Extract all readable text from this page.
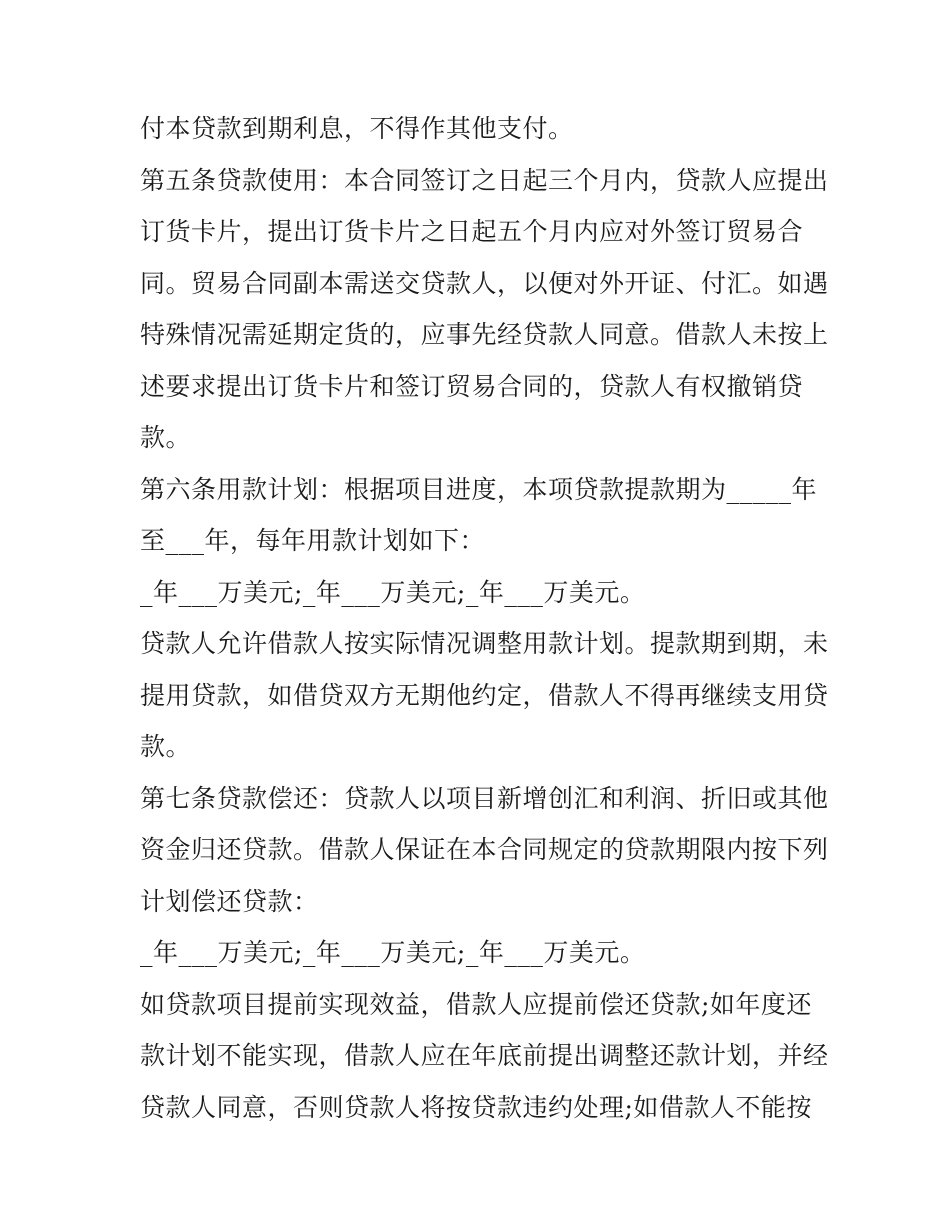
付本贷款到期利息，不得作其他支付。
第五条贷款使用：本合同签订之日起三个月内，贷款人应提出
订货卡片，提出订货卡片之日起五个月内应对外签订贸易合
同。贸易合同副本需送交贷款人，以便对外开证、付汇。如遇
特殊情况需延期定货的，应事先经贷款人同意。借款人未按上
述要求提出订货卡片和签订贸易合同的，贷款人有权撤销贷
款。
第六条用款计划：根据项目进度，本项贷款提款期为_____年
至___年，每年用款计划如下：
_年___万美元;_年___万美元;_年___万美元。
贷款人允许借款人按实际情况调整用款计划。提款期到期，未
提用贷款，如借贷双方无期他约定，借款人不得再继续支用贷
款。
第七条贷款偿还：贷款人以项目新增创汇和利润、折旧或其他
资金归还贷款。借款人保证在本合同规定的贷款期限内按下列
计划偿还贷款：
_年___万美元;_年___万美元;_年___万美元。
如贷款项目提前实现效益，借款人应提前偿还贷款;如年度还
款计划不能实现，借款人应在年底前提出调整还款计划，并经
贷款人同意，否则贷款人将按贷款违约处理;如借款人不能按
